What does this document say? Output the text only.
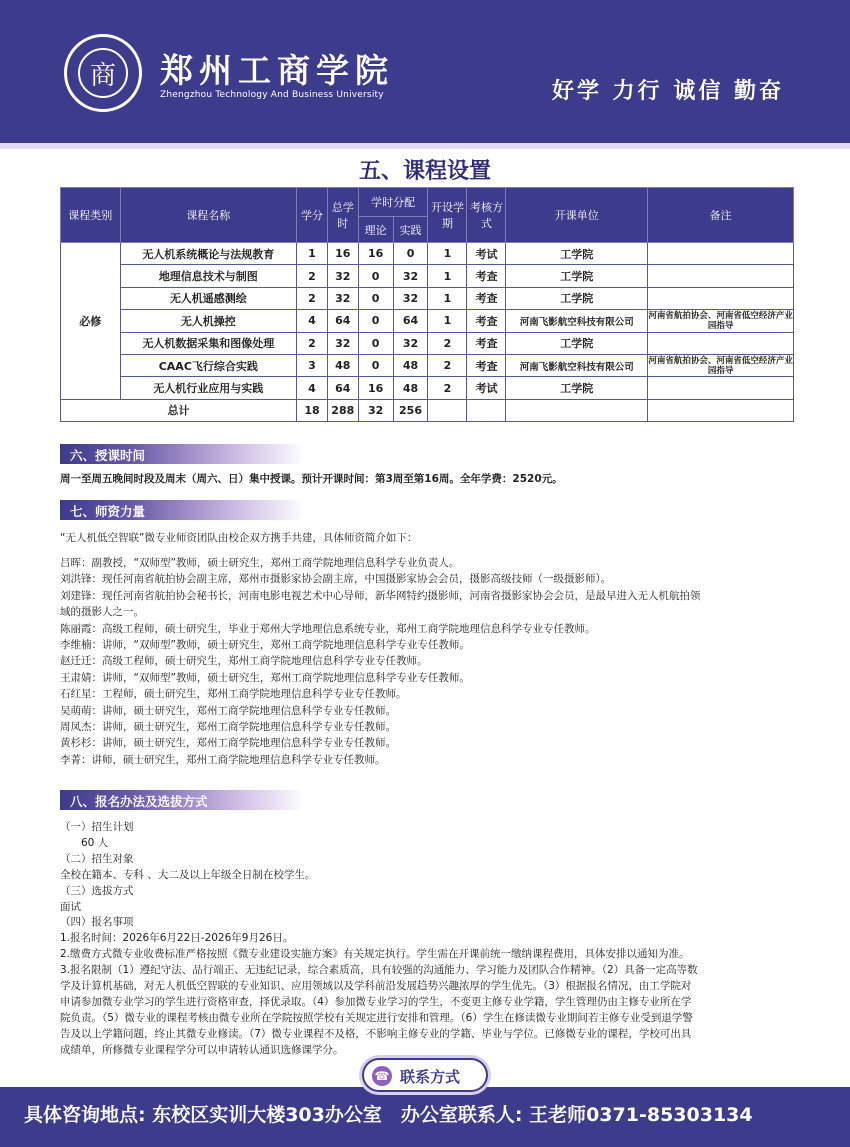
商	郑州工商学院
Zhengzhou Technology And Business University	好学 力行 诚信 勤奋
五、课程设置
课程类别	课程名称	学分	总学时	学时分配		开设学期	考核方式	开课单位	备注
				理论	实践				
必修	无人机系统概论与法规教育	1	16	16	0	1	考试	工学院	
	地理信息技术与制图	2	32	0	32	1	考查	工学院	
	无人机遥感测绘	2	32	0	32	1	考查	工学院	
	无人机操控	4	64	0	64	1	考查	河南飞影航空科技有限公司	河南省航拍协会、河南省低空经济产业园指导
	无人机数据采集和图像处理	2	32	0	32	2	考查	工学院	
	CAAC飞行综合实践	3	48	0	48	2	考查	河南飞影航空科技有限公司	河南省航拍协会、河南省低空经济产业园指导
	无人机行业应用与实践	4	64	16	48	2	考试	工学院	
总计		18	288	32	256				
六、授课时间

周一至周五晚间时段及周末（周六、日）集中授课。预计开课时间：第3周至第16周。全年学费：2520元。

七、师资力量

“无人机低空智联”微专业师资团队由校企双方携手共建，具体师资简介如下：

吕晖：副教授，“双师型”教师，硕士研究生，郑州工商学院地理信息科学专业负责人。

刘洪锋：现任河南省航拍协会副主席，郑州市摄影家协会副主席，中国摄影家协会会员，摄影高级技师（一级摄影师）。

刘建锋：现任河南省航拍协会秘书长，河南电影电视艺术中心导师，新华网特约摄影师，河南省摄影家协会会员，是最早进入无人机航拍领

域的摄影人之一。

陈丽霞：高级工程师，硕士研究生，毕业于郑州大学地理信息系统专业，郑州工商学院地理信息科学专业专任教师。

李维楠：讲师，“双师型”教师，硕士研究生，郑州工商学院地理信息科学专业专任教师。

赵迁迁：高级工程师，硕士研究生，郑州工商学院地理信息科学专业专任教师。

王肃婧：讲师，“双师型”教师，硕士研究生，郑州工商学院地理信息科学专业专任教师。

石红星：工程师，硕士研究生，郑州工商学院地理信息科学专业专任教师。

吴萌萌：讲师，硕士研究生，郑州工商学院地理信息科学专业专任教师。

周凤杰：讲师，硕士研究生，郑州工商学院地理信息科学专业专任教师。

黄杉杉：讲师，硕士研究生，郑州工商学院地理信息科学专业专任教师。

李菁：讲师，硕士研究生，郑州工商学院地理信息科学专业专任教师。

八、报名办法及选拔方式

（一）招生计划

　　60 人

（二）招生对象

全校在籍本、专科 、大二及以上年级全日制在校学生。

（三）选拔方式

面试

（四）报名事项

1.报名时间：2026年6月22日-2026年9月26日。

2.缴费方式微专业收费标准严格按照《微专业建设实施方案》有关规定执行。学生需在开课前统一缴纳课程费用，具体安排以通知为准。

3.报名限制（1）遵纪守法、品行端正、无违纪记录，综合素质高，具有较强的沟通能力、学习能力及团队合作精神。（2）具备一定高等数

学及计算机基础，对无人机低空智联的专业知识、应用领域以及学科前沿发展趋势兴趣浓厚的学生优先。（3）根据报名情况，由工学院对

申请参加微专业学习的学生进行资格审查，择优录取。（4）参加微专业学习的学生，不变更主修专业学籍，学生管理仍由主修专业所在学

院负责。（5）微专业的课程考核由微专业所在学院按照学校有关规定进行安排和管理。（6）学生在修读微专业期间若主修专业受到退学警

告及以上学籍问题，终止其微专业修读。（7）微专业课程不及格，不影响主修专业的学籍、毕业与学位。已修微专业的课程，学校可出具

成绩单，所修微专业课程学分可以申请转认通识选修课学分。

☎ 联系方式
具体咨询地点: 东校区实训大楼303办公室　办公室联系人: 王老师0371-85303134
